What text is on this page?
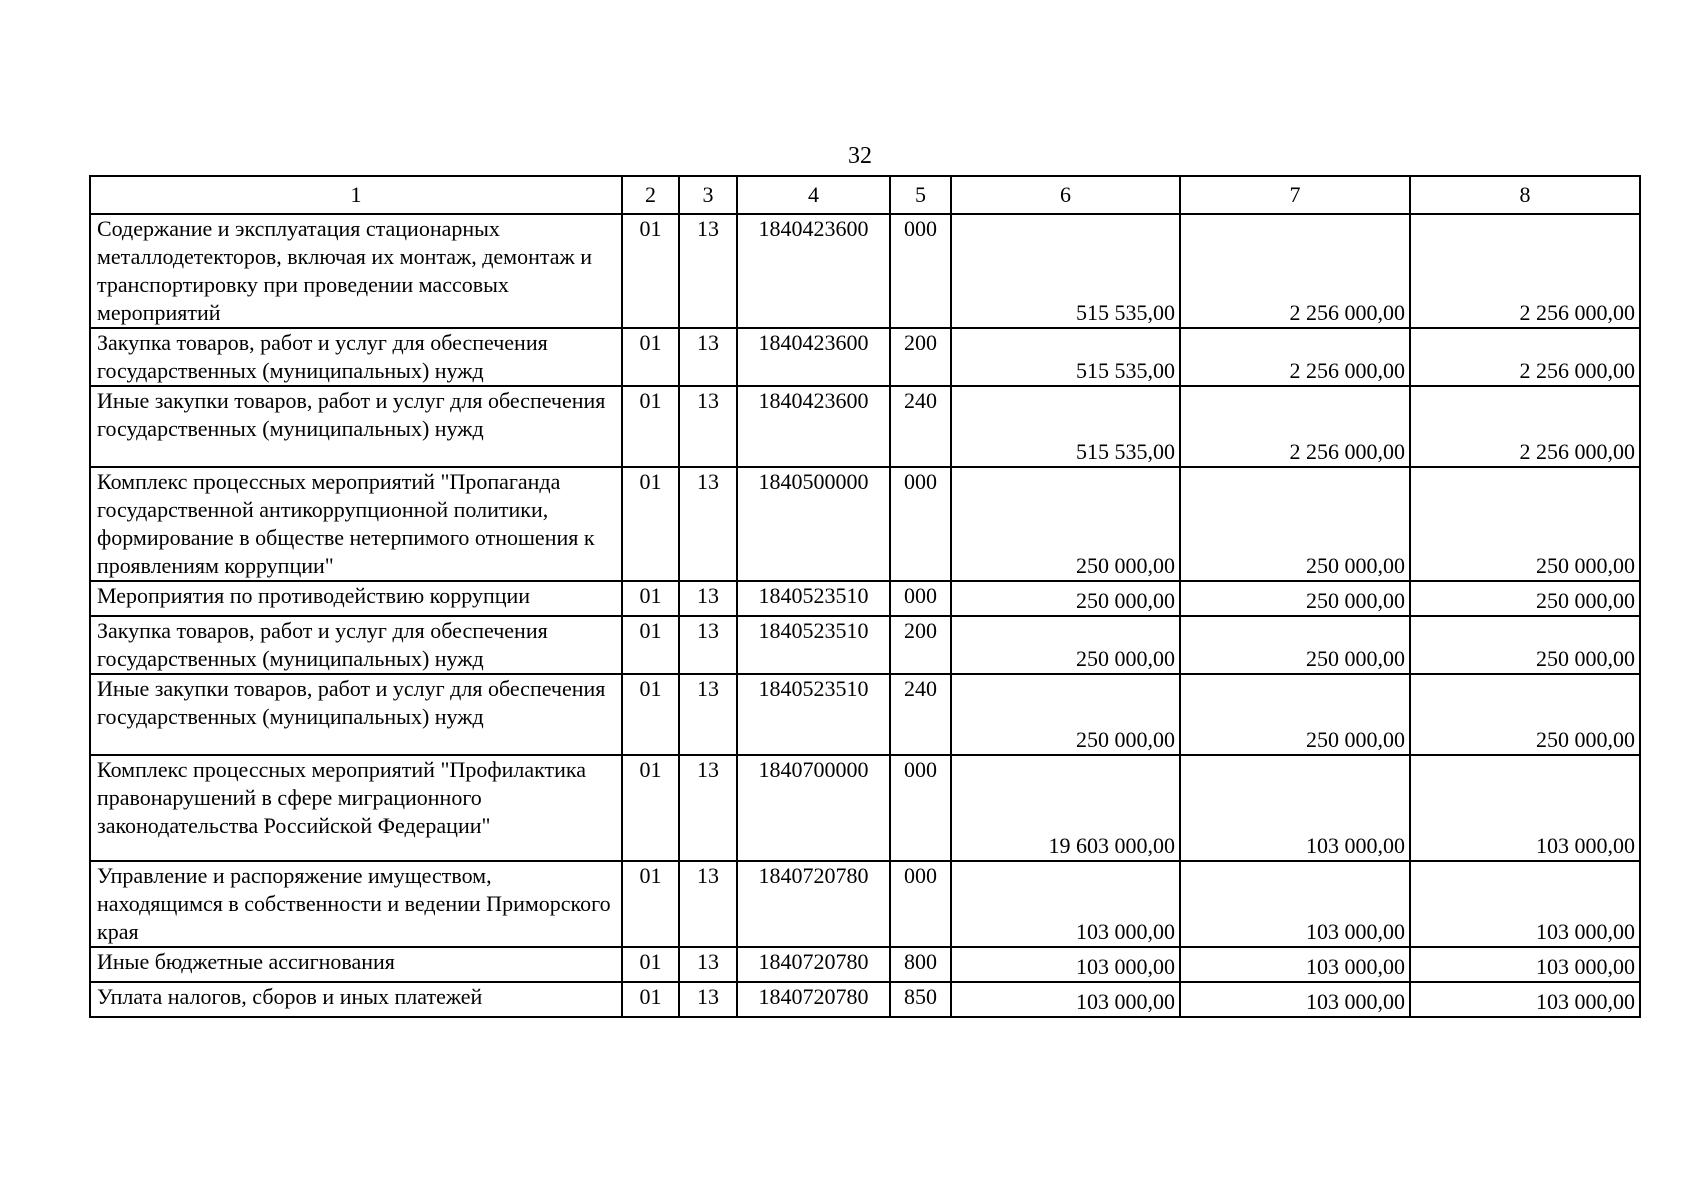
32
1	2	3	4	5	6	7	8
Содержание и эксплуатация стационарных металлодетекторов, включая их монтаж, демонтаж и транспортировку при проведении массовых мероприятий	01	13	1840423600	000	515 535,00	2 256 000,00	2 256 000,00
Закупка товаров, работ и услуг для обеспечения государственных (муниципальных) нужд	01	13	1840423600	200	515 535,00	2 256 000,00	2 256 000,00
Иные закупки товаров, работ и услуг для обеспечения государственных (муниципальных) нужд	01	13	1840423600	240	515 535,00	2 256 000,00	2 256 000,00
Комплекс процессных мероприятий "Пропаганда государственной антикоррупционной политики, формирование в обществе нетерпимого отношения к проявлениям коррупции"	01	13	1840500000	000	250 000,00	250 000,00	250 000,00
Мероприятия по противодействию коррупции	01	13	1840523510	000	250 000,00	250 000,00	250 000,00
Закупка товаров, работ и услуг для обеспечения государственных (муниципальных) нужд	01	13	1840523510	200	250 000,00	250 000,00	250 000,00
Иные закупки товаров, работ и услуг для обеспечения государственных (муниципальных) нужд	01	13	1840523510	240	250 000,00	250 000,00	250 000,00
Комплекс процессных мероприятий "Профилактика правонарушений в сфере миграционного законодательства Российской Федерации"	01	13	1840700000	000	19 603 000,00	103 000,00	103 000,00
Управление и распоряжение имуществом, находящимся в собственности и ведении Приморского края	01	13	1840720780	000	103 000,00	103 000,00	103 000,00
Иные бюджетные ассигнования	01	13	1840720780	800	103 000,00	103 000,00	103 000,00
Уплата налогов, сборов и иных платежей	01	13	1840720780	850	103 000,00	103 000,00	103 000,00
